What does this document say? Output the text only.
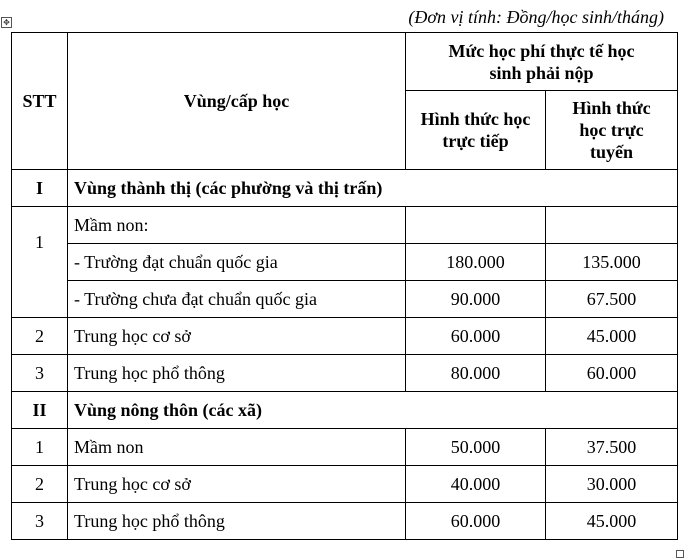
(Đơn vị tính: Đồng/học sinh/tháng)
✥
STT	Vùng/cấp học	Mức học phí thực tế học sinh phải nộp	

		Hình thức học trực tiếp	Hình thức học trực tuyến

I	Vùng thành thị (các phường và thị trấn)		
1	Mầm non:		
	- Trường đạt chuẩn quốc gia	180.000	135.000
	- Trường chưa đạt chuẩn quốc gia	90.000	67.500
2	Trung học cơ sở	60.000	45.000
3	Trung học phổ thông	80.000	60.000
II	Vùng nông thôn (các xã)		
1	Mầm non	50.000	37.500
2	Trung học cơ sở	40.000	30.000
3	Trung học phổ thông	60.000	45.000
